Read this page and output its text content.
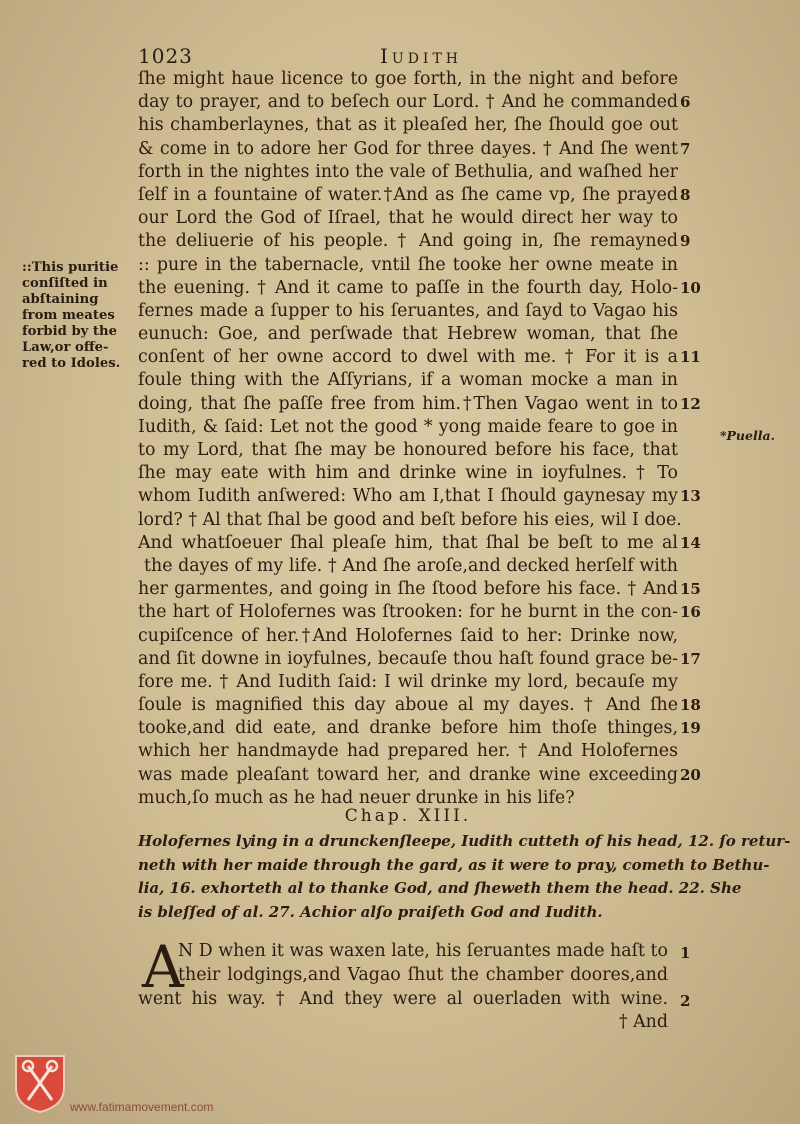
1023	Iudith
::This puritie
conſiſted in
abſtaining
from meates
forbid by the
Law,or offe-
red to Idoles.
*Puella.
ſhe might haue licence to goe forth, in the night and before
day to prayer, and to beſech our Lord. † And he commanded
his chamberlaynes, that as it pleaſed her, ſhe ſhould goe out
& come in to adore her God for three dayes. † And ſhe went
forth in the nightes into the vale of Bethulia, and waſhed her
ſelf in a fountaine of water.†And as ſhe came vp, ſhe prayed
our Lord the God of Iſrael, that he would direct her way to
the deliuerie of his people. † And going in, ſhe remayned
:: pure in the tabernacle, vntil ſhe tooke her owne meate in
the euening. † And it came to paſſe in the fourth day, Holo-
fernes made a ſupper to his ſeruantes, and ſayd to Vagao his
eunuch: Goe, and perſwade that Hebrew woman, that ſhe
conſent of her owne accord to dwel with me. † For it is a
foule thing with the Aſſyrians, if a woman mocke a man in
doing, that ſhe paſſe free from him.†Then Vagao went in to
Iudith, & ſaid: Let not the good * yong maide feare to goe in
to my Lord, that ſhe may be honoured before his face, that
ſhe may eate with him and drinke wine in ioyfulnes. † To
whom Iudith anſwered: Who am I,that I ſhould gaynesay my
lord? † Al that ſhal be good and beſt before his eies, wil I doe.
And whatſoeuer ſhal pleaſe him, that ſhal be beſt to me al
the dayes of my life. † And ſhe aroſe,and decked herſelf with
her garmentes, and going in ſhe ſtood before his face. † And
the hart of Holofernes was ſtrooken: for he burnt in the con-
cupiſcence of her.†And Holofernes ſaid to her: Drinke now,
and ſit downe in ioyfulnes, becauſe thou haſt found grace be-
fore me. † And Iudith ſaid: I wil drinke my lord, becauſe my
ſoule is magnified this day aboue al my dayes. † And ſhe
tooke,and did eate, and dranke before him thoſe thinges,
which her handmayde had prepared her. † And Holofernes
was made pleaſant toward her, and dranke wine exceeding
much,ſo much as he had neuer drunke in his life?
6
7
8
9
10
11
12
13
14
15
16
17
18
19
20
Chap. XIII.
Holofernes lying in a drunckenſleepe, Iudith cutteth of his head, 12. ſo retur-
neth with her maide through the gard, as it were to pray, cometh to Bethu-
lia, 16. exhorteth al to thanke God, and ſheweth them the head. 22. She
is bleſſed of al. 27. Achior alſo praiſeth God and Iudith.
A
N D when it was waxen late, his ſeruantes made haſt to
their lodgings,and Vagao ſhut the chamber doores,and
went his way. † And they were al ouerladen with wine.
† And
1
2
www.fatimamovement.com
